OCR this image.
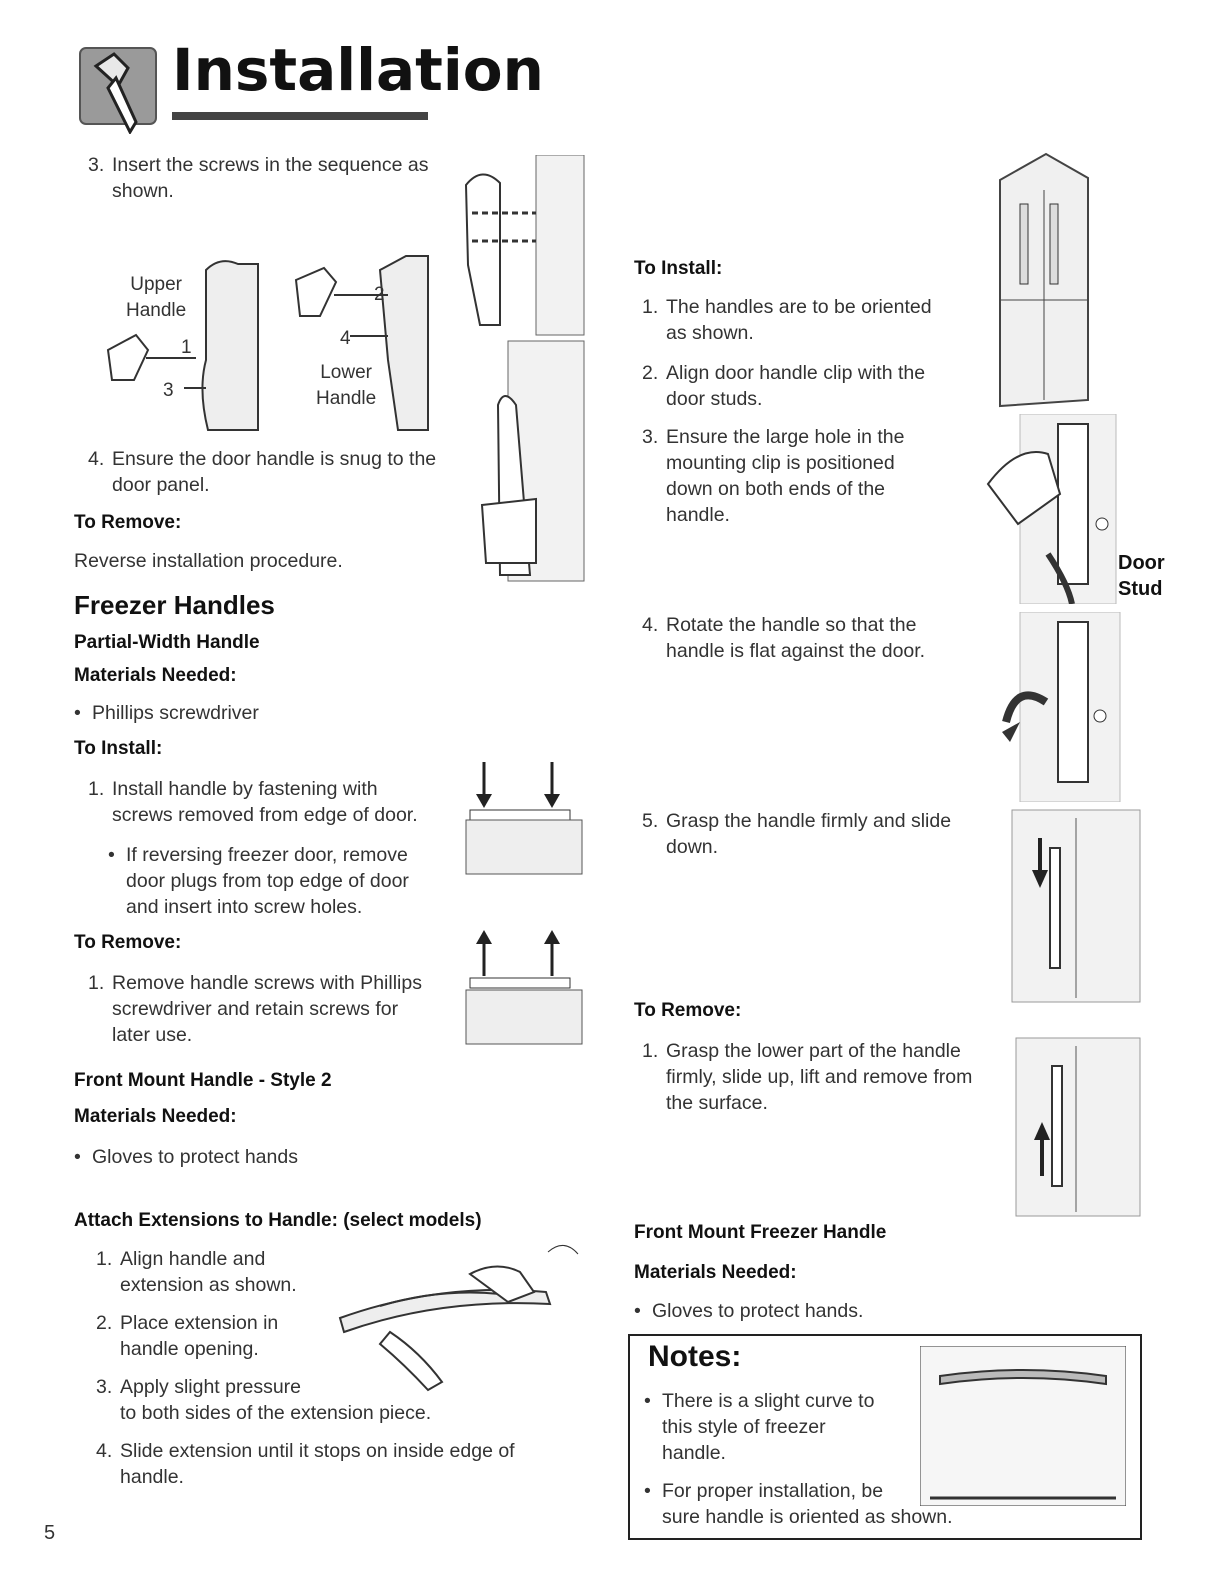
Installation
3. Insert the screws in the sequence as
shown.
Upper
Handle
Lower
Handle
1
2
3
4
4. Ensure the door handle is snug to the
door panel.
To Remove:
Reverse installation procedure.
Freezer Handles
Partial-Width Handle
Materials Needed:
• Phillips screwdriver
To Install:
1. Install handle by fastening with
screws removed from edge of door.
• If reversing freezer door, remove
door plugs from top edge of door
and insert into screw holes.
To Remove:
1. Remove handle screws with Phillips
screwdriver and retain screws for
later use.
Front Mount Handle - Style 2
Materials Needed:
• Gloves to protect hands
Attach Extensions to Handle: (select models)
1. Align handle and
extension as shown.
2. Place extension in
handle opening.
3. Apply slight pressure
to both sides of the extension piece.
4. Slide extension until it stops on inside edge of
handle.
5
To Install:
1. The handles are to be oriented
as shown.
2. Align door handle clip with the
door studs.
3. Ensure the large hole in the
mounting clip is positioned
down on both ends of the
handle.
4. Rotate the handle so that the
handle is flat against the door.
5. Grasp the handle firmly and slide
down.
Door
Stud
To Remove:
1. Grasp the lower part of the handle
firmly, slide up, lift and remove from
the surface.
Front Mount Freezer Handle
Materials Needed:
• Gloves to protect hands.
Notes:
• There is a slight curve to
this style of freezer
handle.
• For proper installation, be
sure handle is oriented as shown.
